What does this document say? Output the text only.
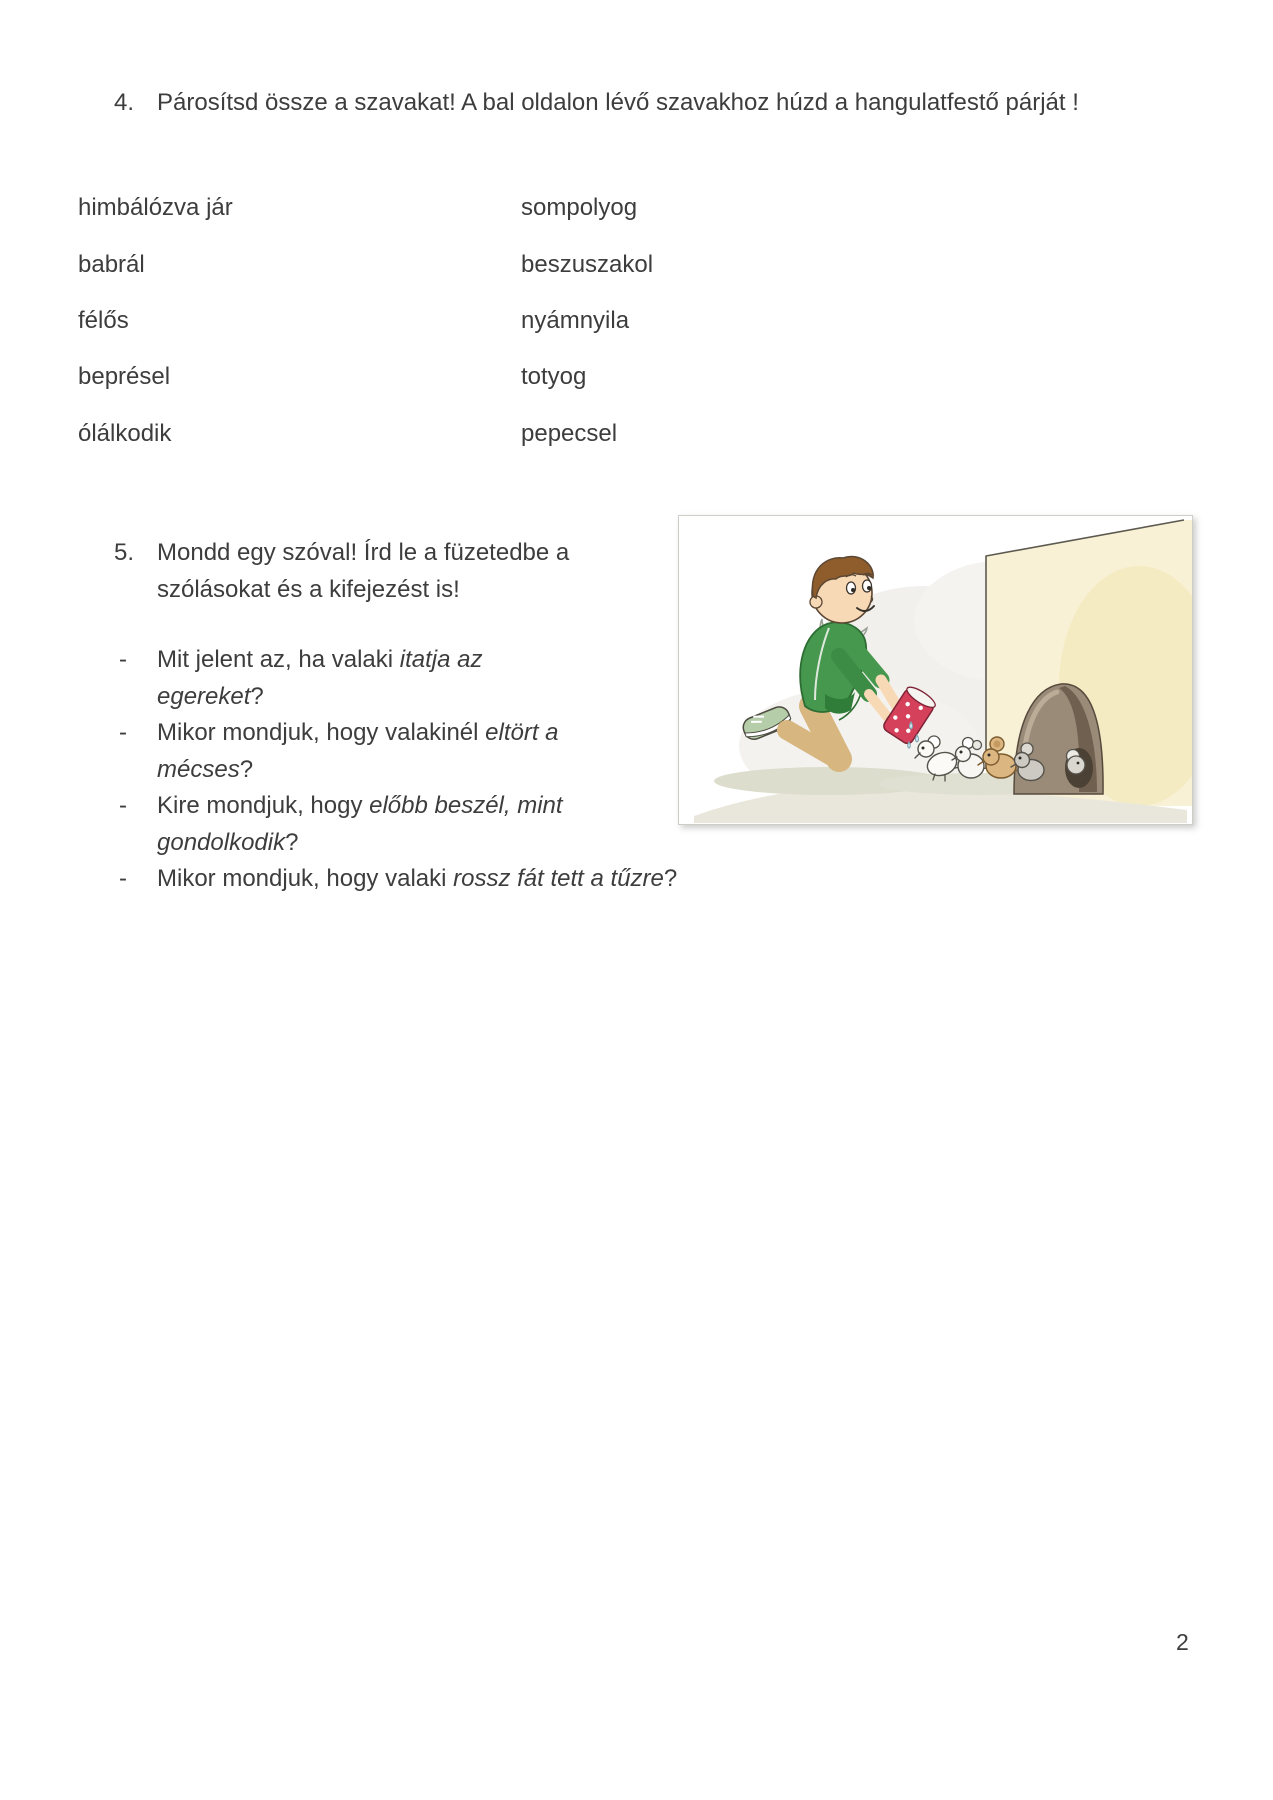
4. Párosítsd össze a szavakat! A bal oldalon lévő szavakhoz húzd a hangulatfestő párját !
himbálózva jár	sompolyog
babrál	beszuszakol
félős	nyámnyila
beprésel	totyog
ólálkodik	pepecsel
5. Mondd egy szóval! Írd le a füzetedbe a
szólásokat és a kifejezést is!
-	Mit jelent az, ha valaki itatja az
egereket?
-	Mikor mondjuk, hogy valakinél eltört a
mécses?
-	Kire mondjuk, hogy előbb beszél, mint
gondolkodik?
-	Mikor mondjuk, hogy valaki rossz fát tett a tűzre?
2
